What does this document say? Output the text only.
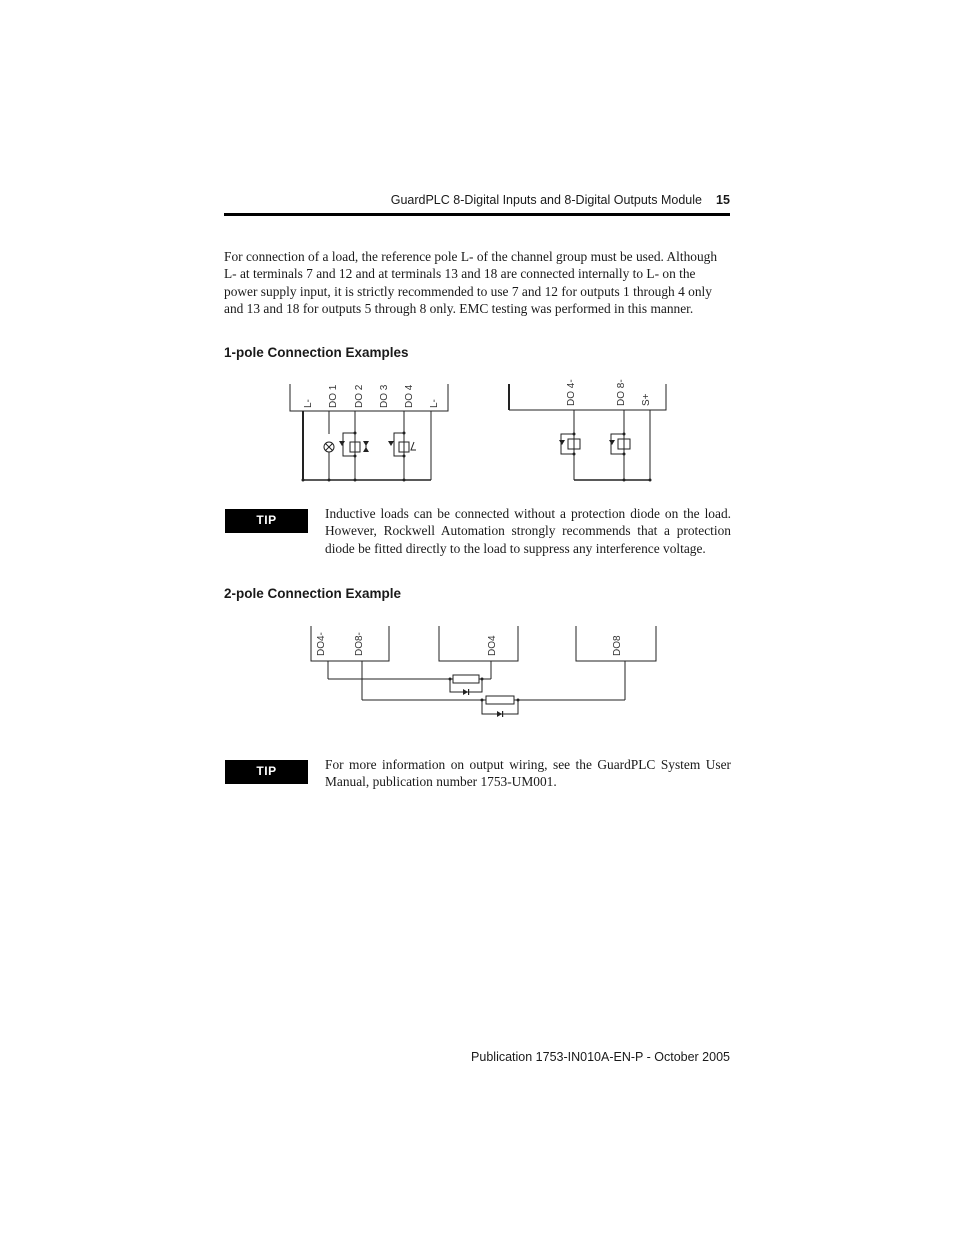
GuardPLC 8-Digital Inputs and 8-Digital Outputs Module 15
For connection of a load, the reference pole L- of the channel group must be used. Although L- at terminals 7 and 12 and at terminals 13 and 18 are connected internally to L- on the power supply input, it is strictly recommended to use 7 and 12 for outputs 1 through 4 only and 13 and 18 for outputs 5 through 8 only. EMC testing was performed in this manner.
1-pole Connection Examples
L- DO 1 DO 2 DO 3 DO 4 L-	DO 4-	DO 8- S+
TIP	Inductive loads can be connected without a protection diode on the load. However, Rockwell Automation strongly recommends that a protection diode be fitted directly to the load to suppress any interference voltage.
2-pole Connection Example
DO4-	DO8-	DO4	DO8
TIP	For more information on output wiring, see the GuardPLC System User Manual, publication number 1753-UM001.
Publication 1753-IN010A-EN-P - October 2005
